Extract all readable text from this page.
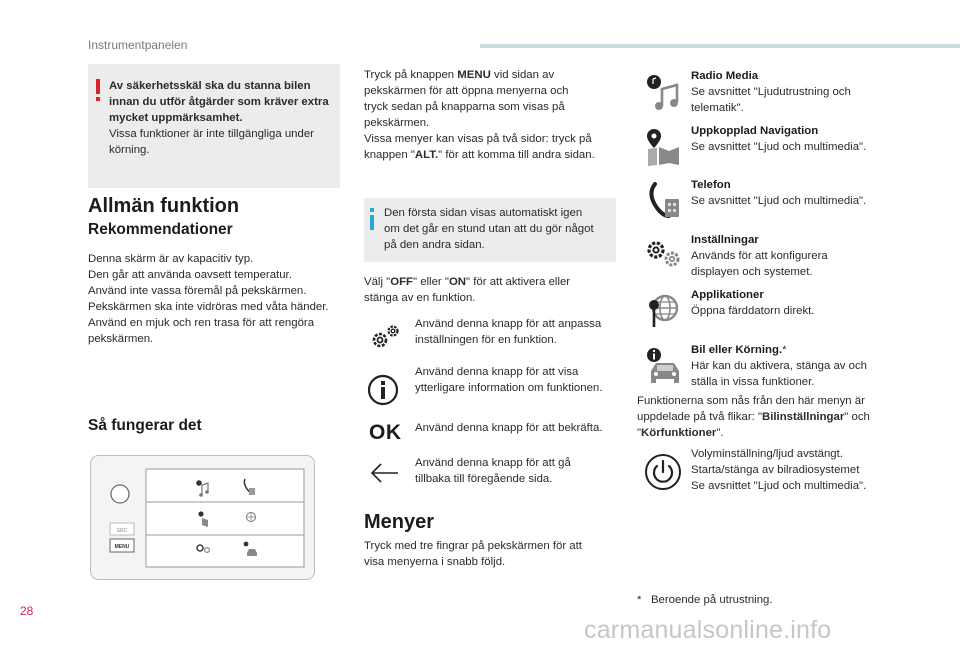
Instrumentpanelen
Av säkerhetsskäl ska du stanna bilen innan du utför åtgärder som kräver extra mycket uppmärksamhet.
Vissa funktioner är inte tillgängliga under körning.
Allmän funktion
Rekommendationer
Denna skärm är av kapacitiv typ.
Den går att använda oavsett temperatur.
Använd inte vassa föremål på pekskärmen.
Pekskärmen ska inte vidröras med våta händer.
Använd en mjuk och ren trasa för att rengöra
pekskärmen.
Så fungerar det
SRC
MENU
Tryck på knappen MENU vid sidan av
pekskärmen för att öppna menyerna och
tryck sedan på knapparna som visas på
pekskärmen.
Vissa menyer kan visas på två sidor: tryck på
knappen "ALT." för att komma till andra sidan.
Den första sidan visas automatiskt igen
om det går en stund utan att du gör något
på den andra sidan.
Välj "OFF" eller "ON" för att aktivera eller
stänga av en funktion.
Använd denna knapp för att anpassa
inställningen för en funktion.
Använd denna knapp för att visa
ytterligare information om funktionen.
OK Använd denna knapp för att bekräfta.
Använd denna knapp för att gå
tillbaka till föregående sida.
Menyer
Tryck med tre fingrar på pekskärmen för att
visa menyerna i snabb följd.
Radio Media
Se avsnittet "Ljudutrustning och
telematik".
Uppkopplad Navigation
Se avsnittet "Ljud och multimedia".
Telefon
Se avsnittet "Ljud och multimedia".
Inställningar
Används för att konfigurera
displayen och systemet.
Applikationer
Öppna färddatorn direkt.
Bil eller Körning.*
Här kan du aktivera, stänga av och
ställa in vissa funktioner.
Funktionerna som nås från den här menyn är
uppdelade på två flikar: "Bilinställningar" och
"Körfunktioner".
Volyminställning/ljud avstängt.
Starta/stänga av bilradiosystemet
Se avsnittet "Ljud och multimedia".
* Beroende på utrustning.
28
carmanualsonline.info
